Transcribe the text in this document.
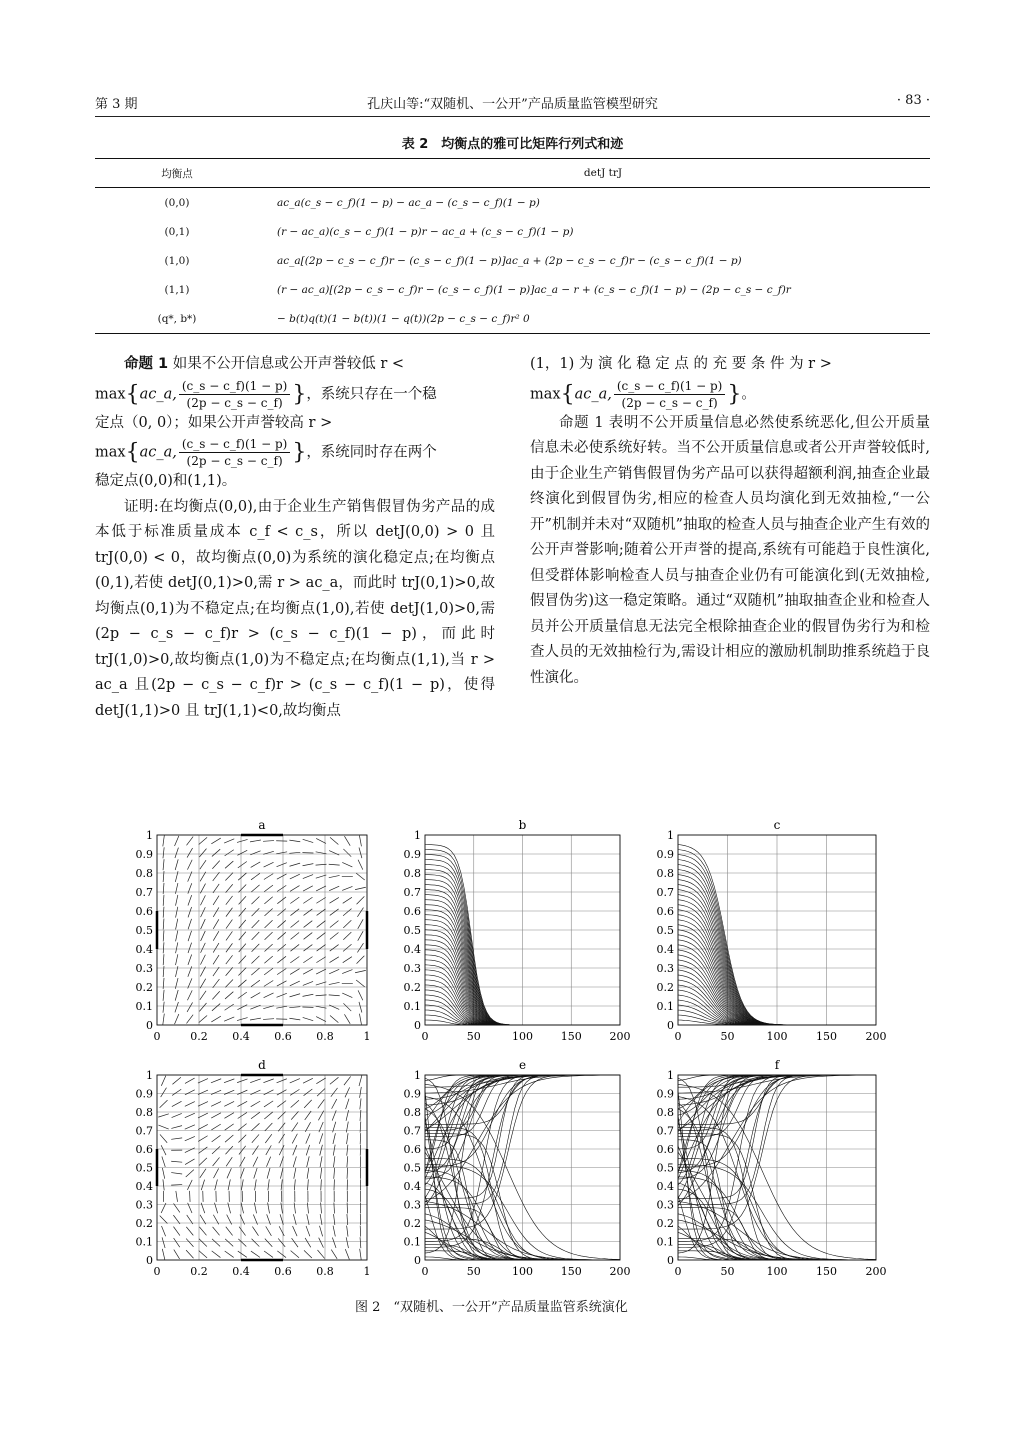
第 3 期	孔庆山等:“双随机、一公开”产品质量监管模型研究	· 83 ·
表 2　均衡点的雅可比矩阵行列式和迹
均衡点	detJ trJ
(0,0)	ac_a(c_s − c_f)(1 − p) − ac_a − (c_s − c_f)(1 − p)
(0,1)	(r − ac_a)(c_s − c_f)(1 − p)r − ac_a + (c_s − c_f)(1 − p)
(1,0)	ac_a[(2p − c_s − c_f)r − (c_s − c_f)(1 − p)]ac_a + (2p − c_s − c_f)r − (c_s − c_f)(1 − p)
(1,1)	(r − ac_a)[(2p − c_s − c_f)r − (c_s − c_f)(1 − p)]ac_a − r + (c_s − c_f)(1 − p) − (2p − c_s − c_f)r
(q*, b*)	− b(t)q(t)(1 − b(t))(1 − q(t))(2p − c_s − c_f)r² 0

命题 1 如果不公开信息或公开声誉较低 r <

max{ac_a, $\frac{(c\_s - c\_f)(1 - p)}{(2p - c\_s - c\_f)}$ }，系统只存在一个稳

定点（0, 0）；如果公开声誉较高 r >

max{ac_a, $\frac{(c\_s - c\_f)(1 - p)}{(2p - c\_s - c\_f)}$ }，系统同时存在两个

稳定点(0,0)和(1,1)。

证明:在均衡点(0,0),由于企业生产销售假冒伪劣产品的成本低于标准质量成本 c_f < c_s，所以 detJ(0,0) > 0 且 trJ(0,0) < 0，故均衡点(0,0)为系统的演化稳定点;在均衡点(0,1),若使 detJ(0,1)>0,需 r > ac_a，而此时 trJ(0,1)>0,故均衡点(0,1)为不稳定点;在均衡点(1,0),若使 detJ(1,0)>0,需 (2p − c_s − c_f)r > (c_s − c_f)(1 − p)，而此时 trJ(1,0)>0,故均衡点(1,0)为不稳定点;在均衡点(1,1),当 r > ac_a 且(2p − c_s − c_f)r > (c_s − c_f)(1 − p)，使得 detJ(1,1)>0 且 trJ(1,1)<0,故均衡点

(1，1) 为 演 化 稳 定 点 的 充 要 条 件 为 r >

max{ac_a, $\frac{(c\_s - c\_f)(1 - p)}{(2p - c\_s - c\_f)}$ }。

命题 1 表明不公开质量信息必然使系统恶化,但公开质量信息未必使系统好转。当不公开质量信息或者公开声誉较低时,由于企业生产销售假冒伪劣产品可以获得超额利润,抽查企业最终演化到假冒伪劣,相应的检查人员均演化到无效抽检,“一公开”机制并未对“双随机”抽取的检查人员与抽查企业产生有效的公开声誉影响;随着公开声誉的提高,系统有可能趋于良性演化,但受群体影响检查人员与抽查企业仍有可能演化到(无效抽检,假冒伪劣)这一稳定策略。通过“双随机”抽取抽查企业和检查人员并公开质量信息无法完全根除抽查企业的假冒伪劣行为和检查人员的无效抽检行为,需设计相应的激励机制助推系统趋于良性演化。

0
0.1
0.2
0.3
0.4
0.5
0.6
0.7
0.8
0.9
1
0	0.2 0.4 0.6 0.8	1
a
0
0.1
0.2
0.3
0.4
0.5
0.6
0.7
0.8
0.9
1
0	50	100	150	200
b
0
0.1
0.2
0.3
0.4
0.5
0.6
0.7
0.8
0.9
1
0	50	100	150	200
c
0
0.1
0.2
0.3
0.4
0.5
0.6
0.7
0.8
0.9
1
0	0.2 0.4 0.6 0.8	1
d
0
0.1
0.2
0.3
0.4
0.5
0.6
0.7
0.8
0.9
1
0	50	100	150	200
e
0
0.1
0.2
0.3
0.4
0.5
0.6
0.7
0.8
0.9
1
0	50	100	150	200
f
图 2　“双随机、一公开”产品质量监管系统演化
